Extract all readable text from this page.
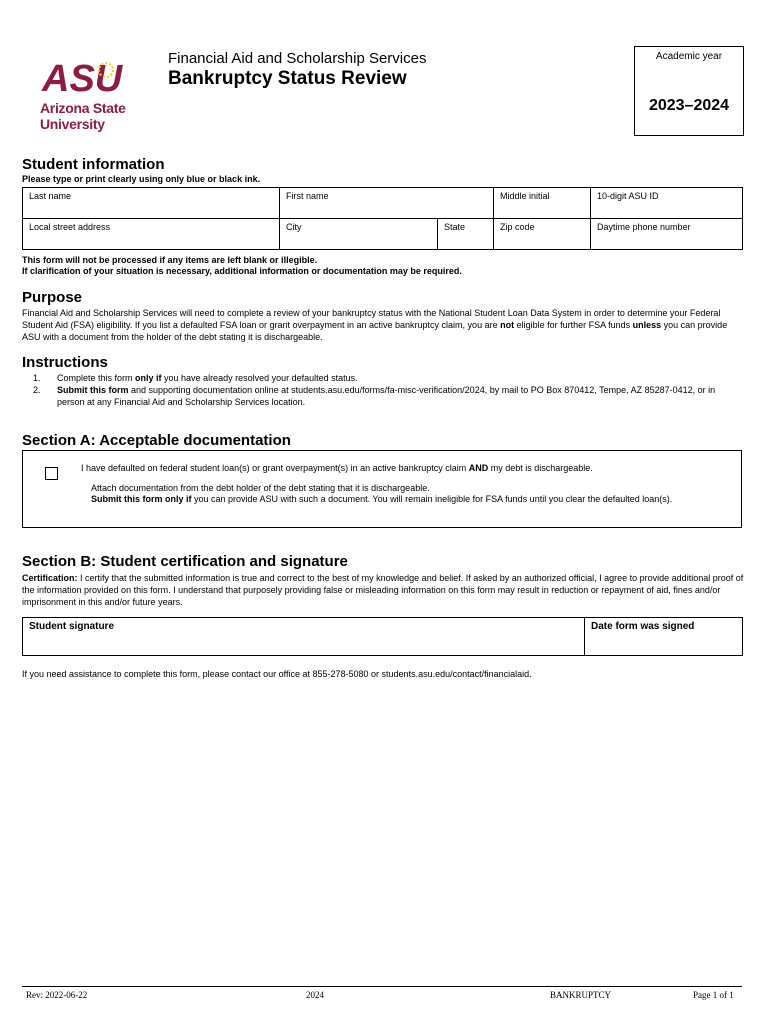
ASU
Arizona State
University
Financial Aid and Scholarship Services
Bankruptcy Status Review
Academic year
2023–2024
Student information
Please type or print clearly using only blue or black ink.
Last name	First name		Middle initial	10-digit ASU ID
Local street address	City	State	Zip code	Daytime phone number
This form will not be processed if any items are left blank or illegible.
If clarification of your situation is necessary, additional information or documentation may be required.
Purpose
Financial Aid and Scholarship Services will need to complete a review of your bankruptcy status with the National Student Loan Data System in order to determine your Federal Student Aid (FSA) eligibility. If you list a defaulted FSA loan or grant overpayment in an active bankruptcy claim, you are not eligible for further FSA funds unless you can provide ASU with a document from the holder of the debt stating it is dischargeable.
Instructions
1. Complete this form only if you have already resolved your defaulted status.
2. Submit this form and supporting documentation online at students.asu.edu/forms/fa-misc-verification/2024, by mail to PO Box 870412, Tempe, AZ 85287-0412, or in person at any Financial Aid and Scholarship Services location.
Section A: Acceptable documentation
I have defaulted on federal student loan(s) or grant overpayment(s) in an active bankruptcy claim AND my debt is dischargeable.
Attach documentation from the debt holder of the debt stating that it is dischargeable.
Submit this form only if you can provide ASU with such a document. You will remain ineligible for FSA funds until you clear the defaulted loan(s).
Section B: Student certification and signature
Certification: I certify that the submitted information is true and correct to the best of my knowledge and belief. If asked by an authorized official, I agree to provide additional proof of the information provided on this form. I understand that purposely providing false or misleading information on this form may result in reduction or repayment of aid, fines and/or imprisonment in this and/or future years.
Student signature	Date form was signed
If you need assistance to complete this form, please contact our office at 855-278-5080 or students.asu.edu/contact/financialaid.
Rev: 2022-06-22	2024	BANKRUPTCY	Page 1 of 1
